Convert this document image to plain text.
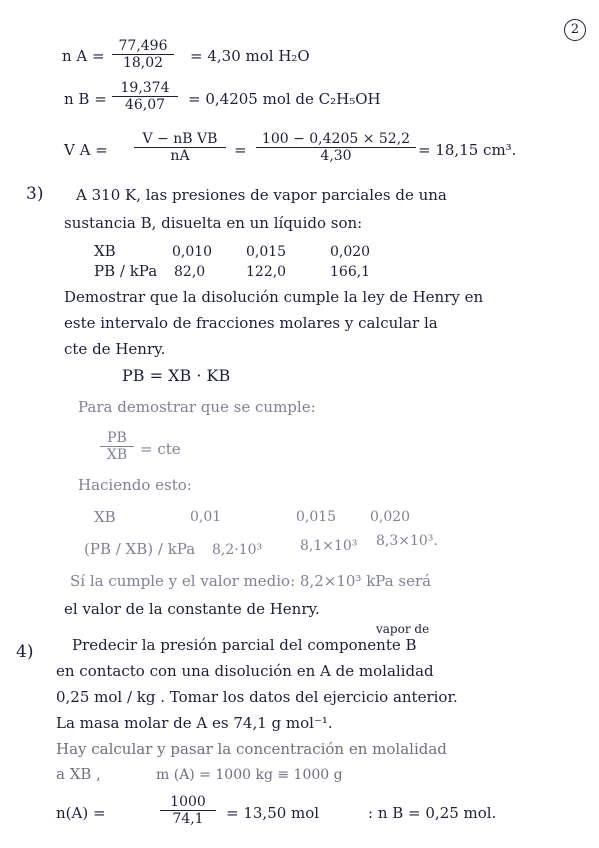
2
n $A = \frac{77,496}{18,02} = 4,30$ mol H₂O
n $B = \frac{19,374}{46,07} = 0,4205$ mol de C₂H₅OH
V $A = \frac{\text{V − nB VB}}{nA} = \frac{100 - 0,4205 \times 52,2}{4,30} = 18,15$ cm³.
3) A 310 K, las presiones de vapor parciales de una
sustancia B, disuelta en un líquido son:
XB	0,010 0,015	0,020
PB / kPa 82,0	122,0	166,1
Demostrar que la disolución cumple la ley de Henry en
este intervalo de fracciones molares y calcular la
cte de Henry.
PB = XB · KB
Para demostrar que se cumple:
$\frac{PB}{XB}$ = cte
Haciendo esto:
XB	0,01	0,015 0,020
(PB / XB) / kPa 8,2·10³	8,1×10³ 8,3×10³.
Sí la cumple y el valor medio: 8,2×10³ kPa será
el valor de la constante de Henry.
4)
vapor de
Predecir la presión parcial del componente B
en contacto con una disolución en A de molalidad
0,25 mol / kg . Tomar los datos del ejercicio anterior.
La masa molar de A es 74,1 g mol⁻¹.
Hay calcular y pasar la concentración en molalidad
a XB ,	m (A) = 1000 kg ≡ 1000 g
n(A) =	$\frac{1000}{74,1} = 13,50$ mol	: n B = 0,25 mol.
